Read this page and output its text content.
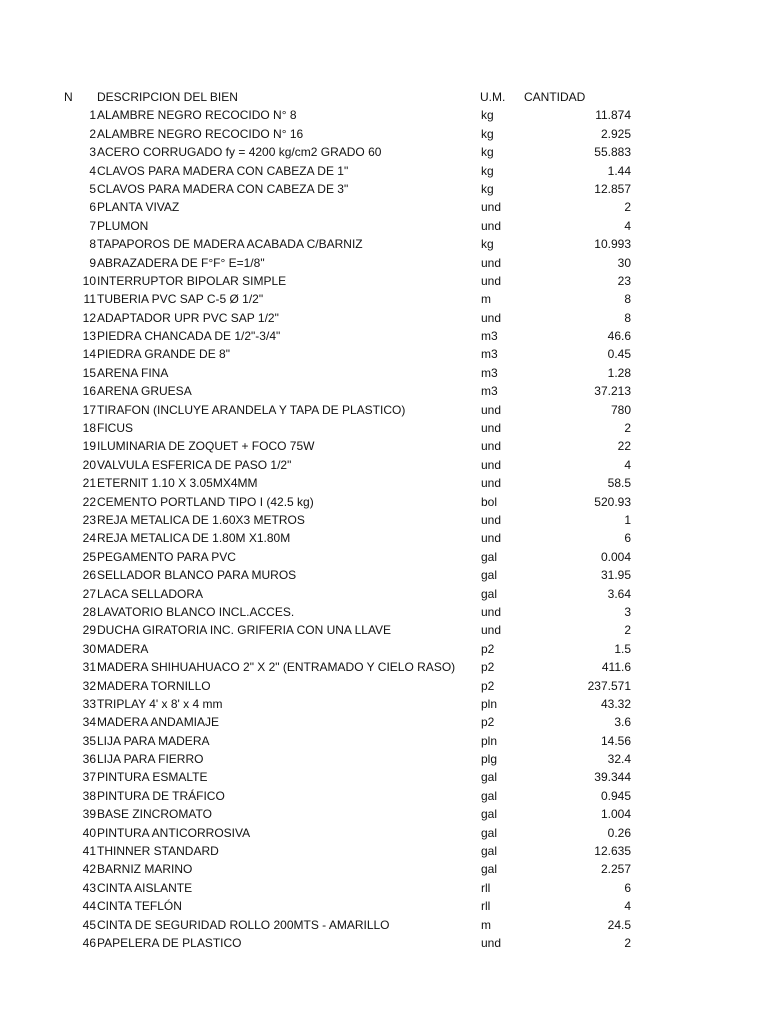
N DESCRIPCION DEL BIEN	U.M.	CANTIDAD
1 ALAMBRE NEGRO RECOCIDO N° 8	kg	11.874
2 ALAMBRE NEGRO RECOCIDO N° 16	kg	2.925
3 ACERO CORRUGADO fy = 4200 kg/cm2 GRADO 60	kg	55.883
4 CLAVOS PARA MADERA CON CABEZA DE 1"	kg	1.44
5 CLAVOS PARA MADERA CON CABEZA DE 3"	kg	12.857
6 PLANTA VIVAZ	und	2
7 PLUMON	und	4
8 TAPAPOROS DE MADERA ACABADA C/BARNIZ	kg	10.993
9 ABRAZADERA DE F°F° E=1/8"	und	30
10 INTERRUPTOR BIPOLAR SIMPLE	und	23
11 TUBERIA PVC SAP C-5 Ø 1/2"	m	8
12 ADAPTADOR UPR PVC SAP 1/2"	und	8
13 PIEDRA CHANCADA DE 1/2"-3/4"	m3	46.6
14 PIEDRA GRANDE DE 8"	m3	0.45
15 ARENA FINA	m3	1.28
16 ARENA GRUESA	m3	37.213
17 TIRAFON (INCLUYE ARANDELA Y TAPA DE PLASTICO)	und	780
18 FICUS	und	2
19 ILUMINARIA DE ZOQUET + FOCO 75W	und	22
20 VALVULA ESFERICA DE PASO 1/2"	und	4
21 ETERNIT 1.10 X 3.05MX4MM	und	58.5
22 CEMENTO PORTLAND TIPO I (42.5 kg)	bol	520.93
23 REJA METALICA DE 1.60X3 METROS	und	1
24 REJA METALICA DE 1.80M X1.80M	und	6
25 PEGAMENTO PARA PVC	gal	0.004
26 SELLADOR BLANCO PARA MUROS	gal	31.95
27 LACA SELLADORA	gal	3.64
28 LAVATORIO BLANCO INCL.ACCES.	und	3
29 DUCHA GIRATORIA INC. GRIFERIA CON UNA LLAVE	und	2
30 MADERA	p2	1.5
31 MADERA SHIHUAHUACO 2" X 2" (ENTRAMADO Y CIELO RASO)	p2	411.6
32 MADERA TORNILLO	p2	237.571
33 TRIPLAY 4' x 8' x 4 mm	pln	43.32
34 MADERA ANDAMIAJE	p2	3.6
35 LIJA PARA MADERA	pln	14.56
36 LIJA PARA FIERRO	plg	32.4
37 PINTURA ESMALTE	gal	39.344
38 PINTURA DE TRÁFICO	gal	0.945
39 BASE ZINCROMATO	gal	1.004
40 PINTURA ANTICORROSIVA	gal	0.26
41 THINNER STANDARD	gal	12.635
42 BARNIZ MARINO	gal	2.257
43 CINTA AISLANTE	rll	6
44 CINTA TEFLÓN	rll	4
45 CINTA DE SEGURIDAD ROLLO 200MTS - AMARILLO	m	24.5
46 PAPELERA DE PLASTICO	und	2
